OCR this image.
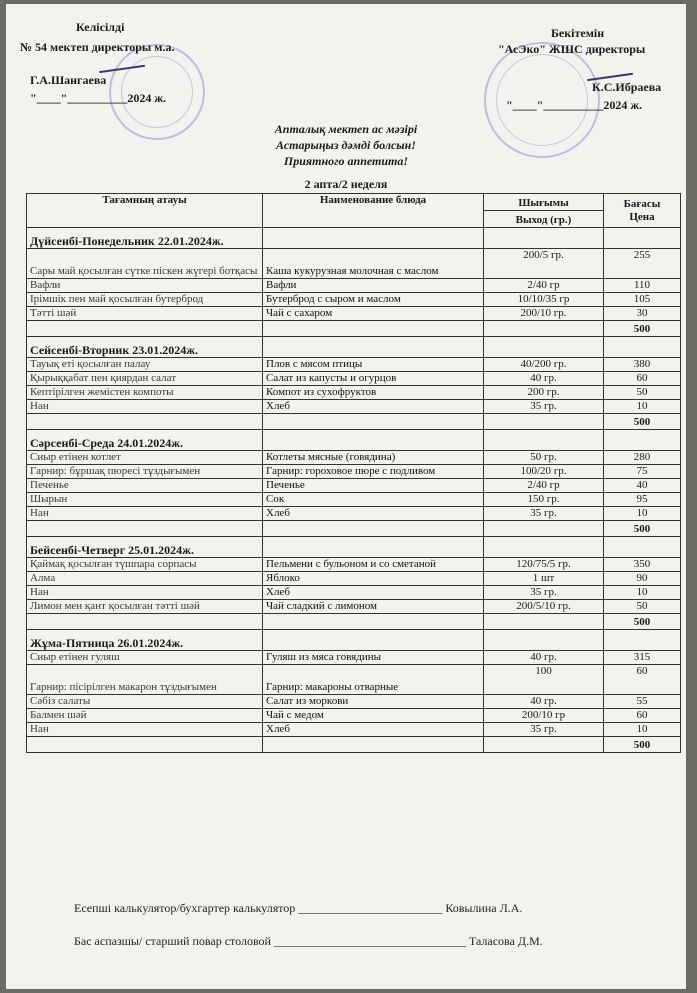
Келісілді
№ 54 мектеп директоры м.а.
Г.А.Шангаева
"____"__________2024 ж.
Бекітемін
"АсЭко" ЖШС директоры
К.С.Ибраева
"____"__________2024 ж.
Апталық мектеп ас мәзірі
Астарыңыз дәмді болсын!
Приятного аппетита!
2 апта/2 неделя
Тағамның атауы	Наименование блюда	Шығымы	Бағасы
Цена

		Выход (гр.)	
Дүйсенбі-Понедельник 22.01.2024ж.			
Сары май қосылған сүтке піскен жүгері ботқасы	Каша кукурузная молочная с маслом	200/5 гр.	255
Вафли	Вафли	2/40 гр	110
Ірімшік пен май қосылған бутерброд	Бутерброд с сыром и маслом	10/10/35 гр	105
Тәтті шәй	Чай с сахаром	200/10 гр.	30
			500
Сейсенбі-Вторник 23.01.2024ж.			
Тауық еті қосылған палау	Плов с мясом птицы	40/200 гр.	380
Қырыққабат пен қиярдан салат	Салат из капусты и огурцов	40 гр.	60
Кептірілген жемістен компоты	Компот из сухофруктов	200 гр.	50
Нан	Хлеб	35 гр.	10
			500
Сәрсенбі-Среда 24.01.2024ж.			
Сиыр етінен котлет	Котлеты мясные (говядина)	50 гр.	280
Гарнир: бұршақ пюресі тұздығымен	Гарнир: гороховое пюре с подливом	100/20 гр.	75
Печенье	Печенье	2/40 гр	40
Шырын	Сок	150 гр.	95
Нан	Хлеб	35 гр.	10
			500
Бейсенбі-Четверг 25.01.2024ж.			
Қаймақ қосылған түшпара сорпасы	Пельмени с бульоном и со сметаной	120/75/5 гр.	350
Алма	Яблоко	1 шт	90
Нан	Хлеб	35 гр.	10
Лимон мен қант қосылған тәтті шәй	Чай сладкий с лимоном	200/5/10 гр.	50
			500
Жұма-Пятница 26.01.2024ж.			
Сиыр етінен гуляш	Гуляш из мяса говядины	40 гр.	315
Гарнир: пісірілген макарон тұздығымен	Гарнир: макароны отварные	100	60
Сәбіз салаты	Салат из моркови	40 гр.	55
Балмен шәй	Чай с медом	200/10 гр	60
Нан	Хлеб	35 гр.	10
			500
Есепші калькулятор/бухгартер калькулятор ________________________ Ковылина Л.А.
Бас аспазшы/ старший повар столовой ________________________________ Таласова Д.М.
